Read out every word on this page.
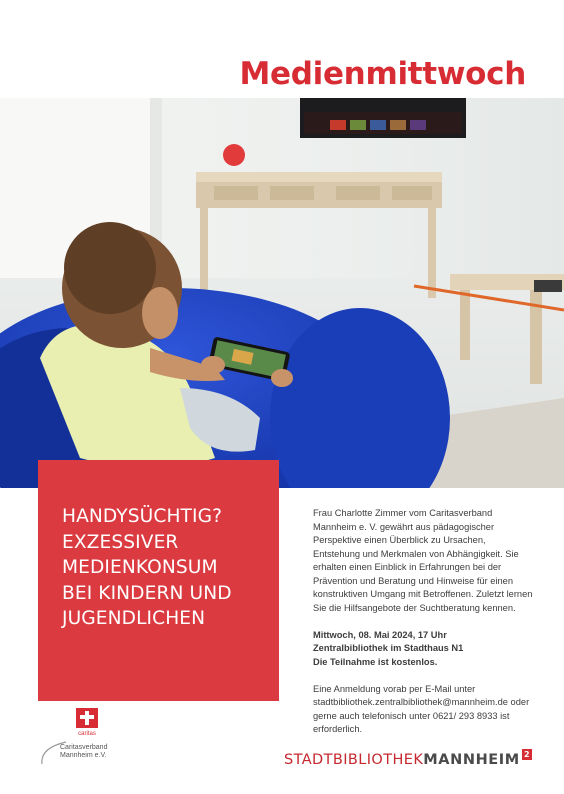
Medienmittwoch
HANDYSÜCHTIG?
EXZESSIVER
MEDIENKONSUM
BEI KINDERN UND
JUGENDLICHEN

Frau Charlotte Zimmer vom Caritasverband Mannheim e. V. gewährt aus pädagogischer Perspektive einen Überblick zu Ursachen, Entstehung und Merkmalen von Abhängigkeit. Sie erhalten einen Einblick in Erfahrungen bei der Prävention und Beratung und Hinweise für einen konstruktiven Umgang mit Betroffenen. Zuletzt lernen Sie die Hilfsangebote der Suchtberatung kennen.

Mittwoch, 08. Mai 2024, 17 Uhr
Zentralbibliothek im Stadthaus N1
Die Teilnahme ist kostenlos.

Eine Anmeldung vorab per E-Mail unter stadtbibliothek.zentralbibliothek@mannheim.de oder gerne auch telefonisch unter 0621/ 293 8933 ist erforderlich.

caritas
Caritasverband
Mannheim e.V.	STADTBIBLIOTHEKMANNHEIM 2
